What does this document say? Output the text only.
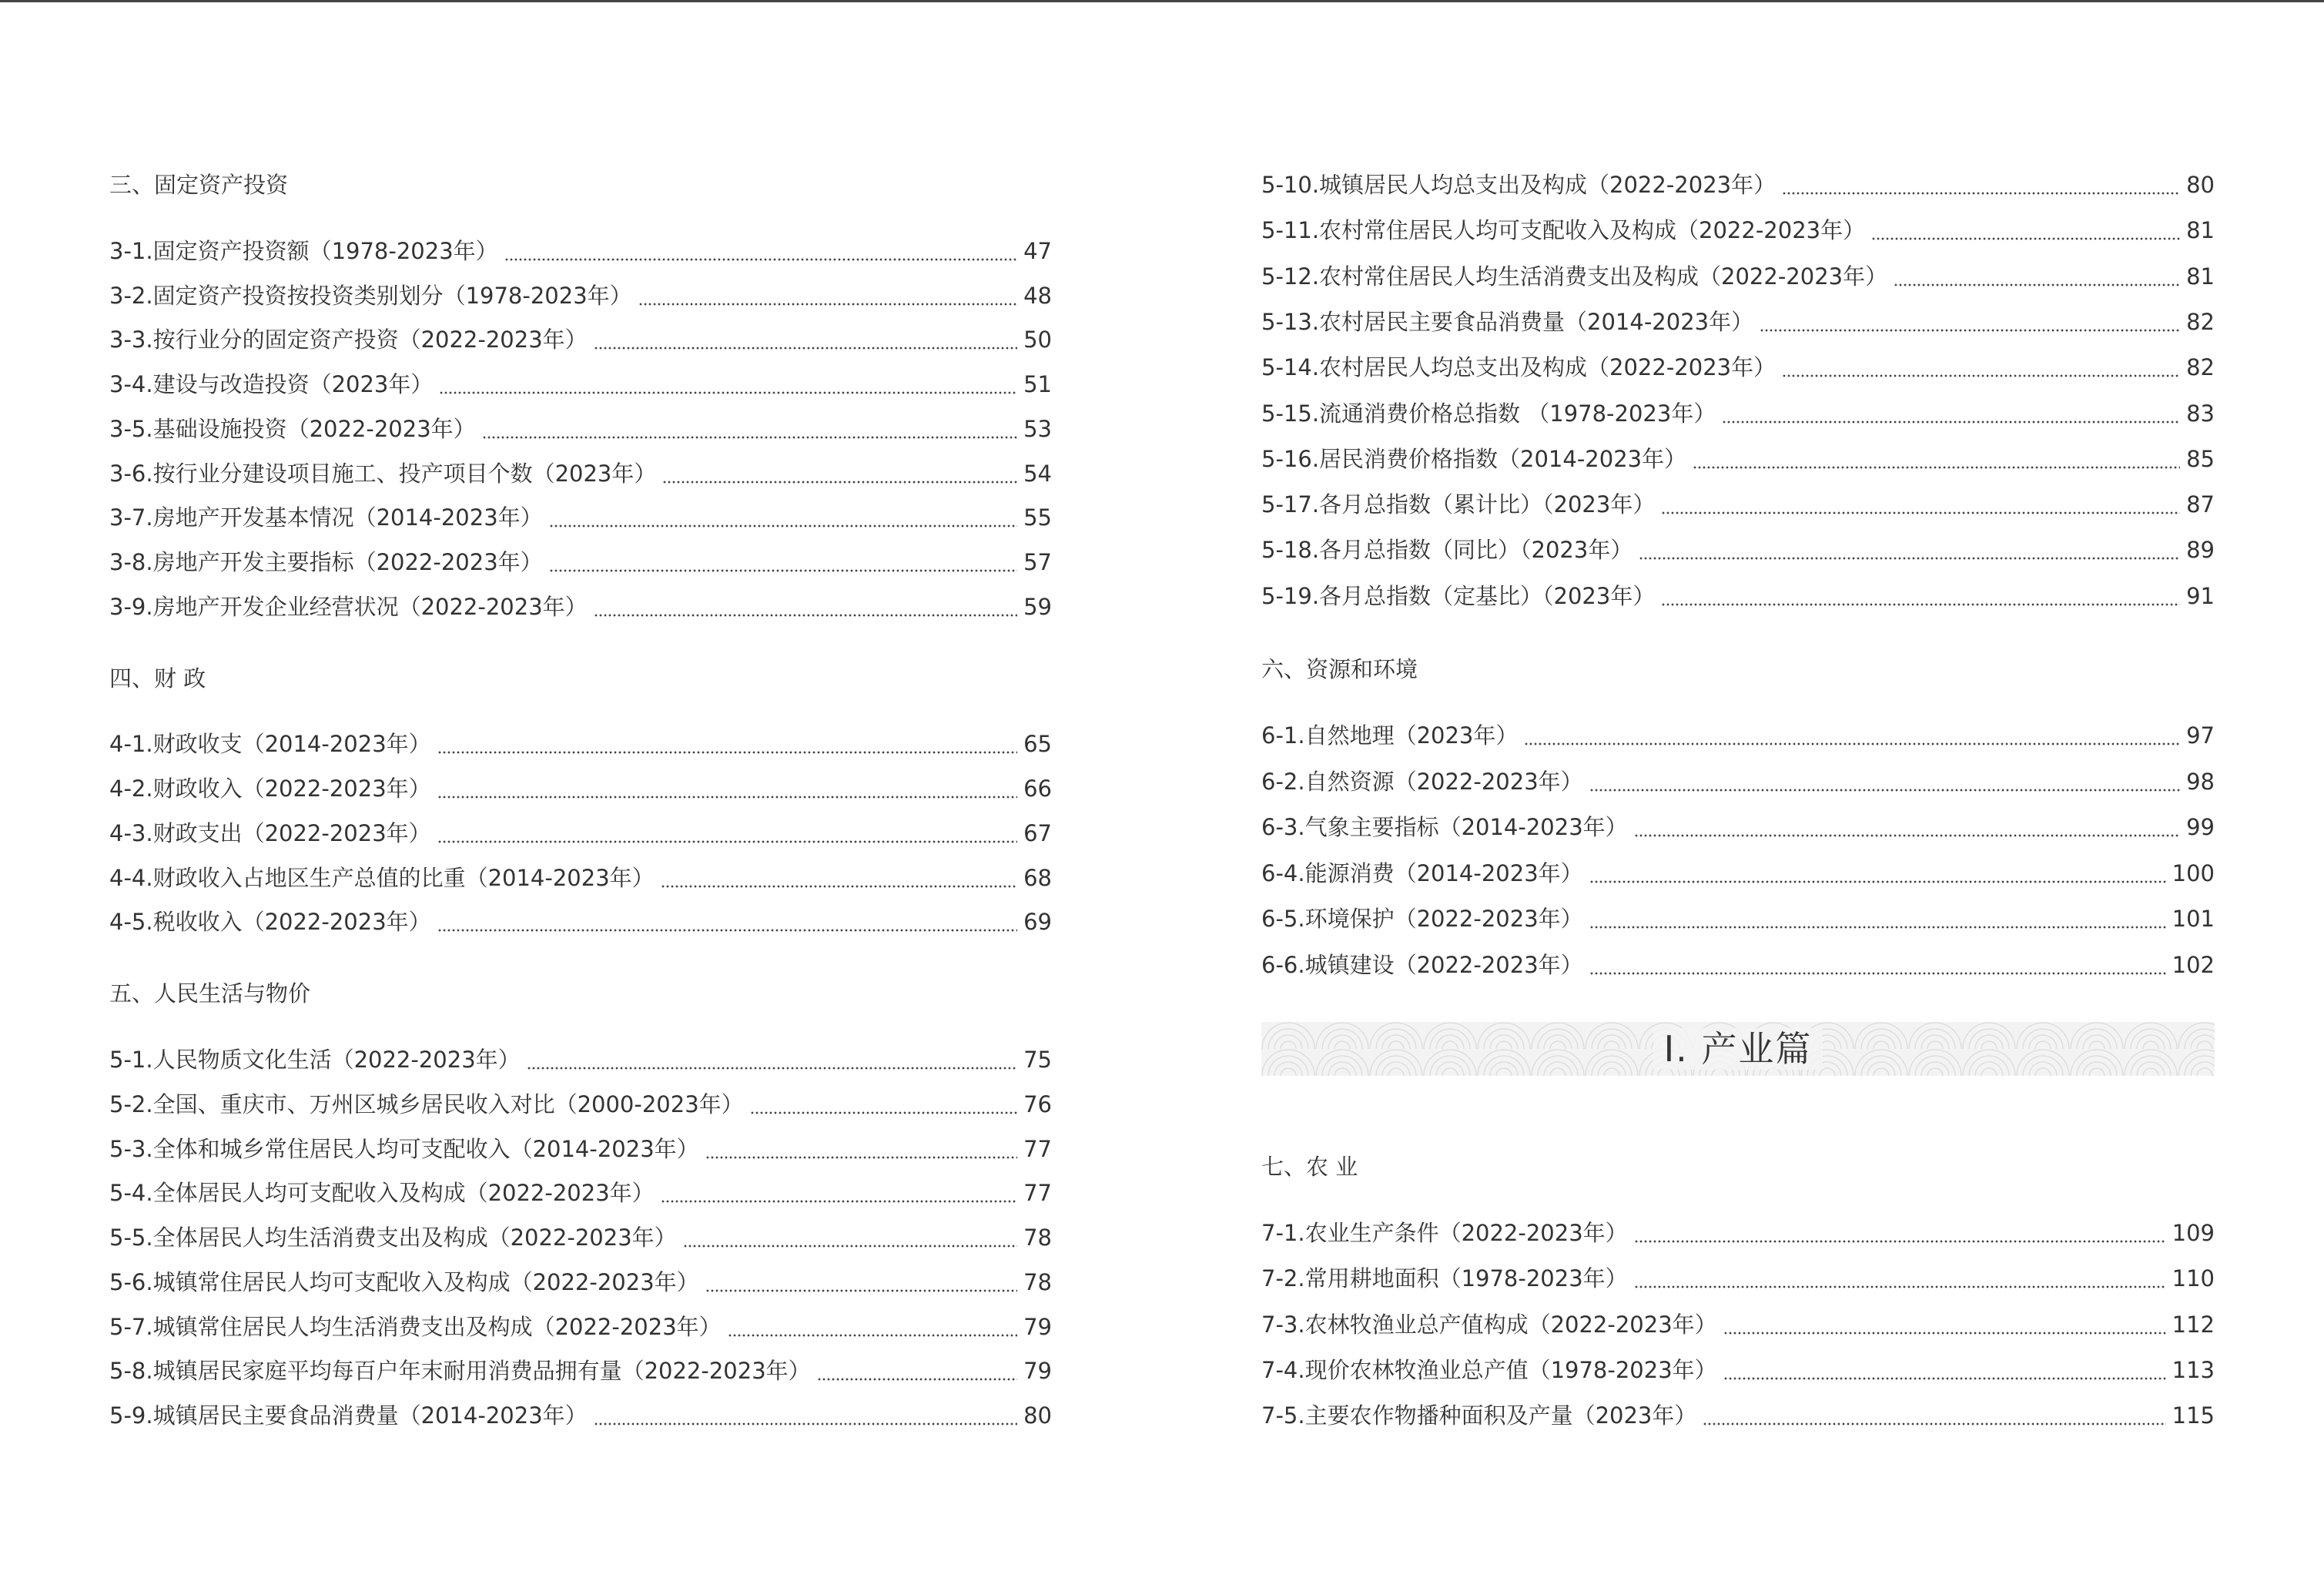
三、固定资产投资
3-1.固定资产投资额（1978-2023年）	47
3-2.固定资产投资按投资类别划分（1978-2023年）	48
3-3.按行业分的固定资产投资（2022-2023年）	50
3-4.建设与改造投资（2023年）	51
3-5.基础设施投资（2022-2023年）	53
3-6.按行业分建设项目施工、投产项目个数（2023年）	54
3-7.房地产开发基本情况（2014-2023年）	55
3-8.房地产开发主要指标（2022-2023年）	57
3-9.房地产开发企业经营状况（2022-2023年）	59
四、财 政
4-1.财政收支（2014-2023年）	65
4-2.财政收入（2022-2023年）	66
4-3.财政支出（2022-2023年）	67
4-4.财政收入占地区生产总值的比重（2014-2023年）	68
4-5.税收收入（2022-2023年）	69
五、人民生活与物价
5-1.人民物质文化生活（2022-2023年）	75
5-2.全国、重庆市、万州区城乡居民收入对比（2000-2023年）	76
5-3.全体和城乡常住居民人均可支配收入（2014-2023年）	77
5-4.全体居民人均可支配收入及构成（2022-2023年）	77
5-5.全体居民人均生活消费支出及构成（2022-2023年）	78
5-6.城镇常住居民人均可支配收入及构成（2022-2023年）	78
5-7.城镇常住居民人均生活消费支出及构成（2022-2023年）	79
5-8.城镇居民家庭平均每百户年末耐用消费品拥有量（2022-2023年）	79
5-9.城镇居民主要食品消费量（2014-2023年）	80
5-10.城镇居民人均总支出及构成（2022-2023年）	80
5-11.农村常住居民人均可支配收入及构成（2022-2023年）	81
5-12.农村常住居民人均生活消费支出及构成（2022-2023年）	81
5-13.农村居民主要食品消费量（2014-2023年）	82
5-14.农村居民人均总支出及构成（2022-2023年）	82
5-15.流通消费价格总指数 （1978-2023年）	83
5-16.居民消费价格指数（2014-2023年）	85
5-17.各月总指数（累计比）（2023年）	87
5-18.各月总指数（同比）（2023年）	89
5-19.各月总指数（定基比）（2023年）	91
六、资源和环境
6-1.自然地理（2023年）	97
6-2.自然资源（2022-2023年）	98
6-3.气象主要指标（2014-2023年）	99
6-4.能源消费（2014-2023年）	100
6-5.环境保护（2022-2023年）	101
6-6.城镇建设（2022-2023年）	102
Ⅰ. 产业篇
七、农 业
7-1.农业生产条件（2022-2023年）	109
7-2.常用耕地面积（1978-2023年）	110
7-3.农林牧渔业总产值构成（2022-2023年）	112
7-4.现价农林牧渔业总产值（1978-2023年）	113
7-5.主要农作物播种面积及产量（2023年）	115
